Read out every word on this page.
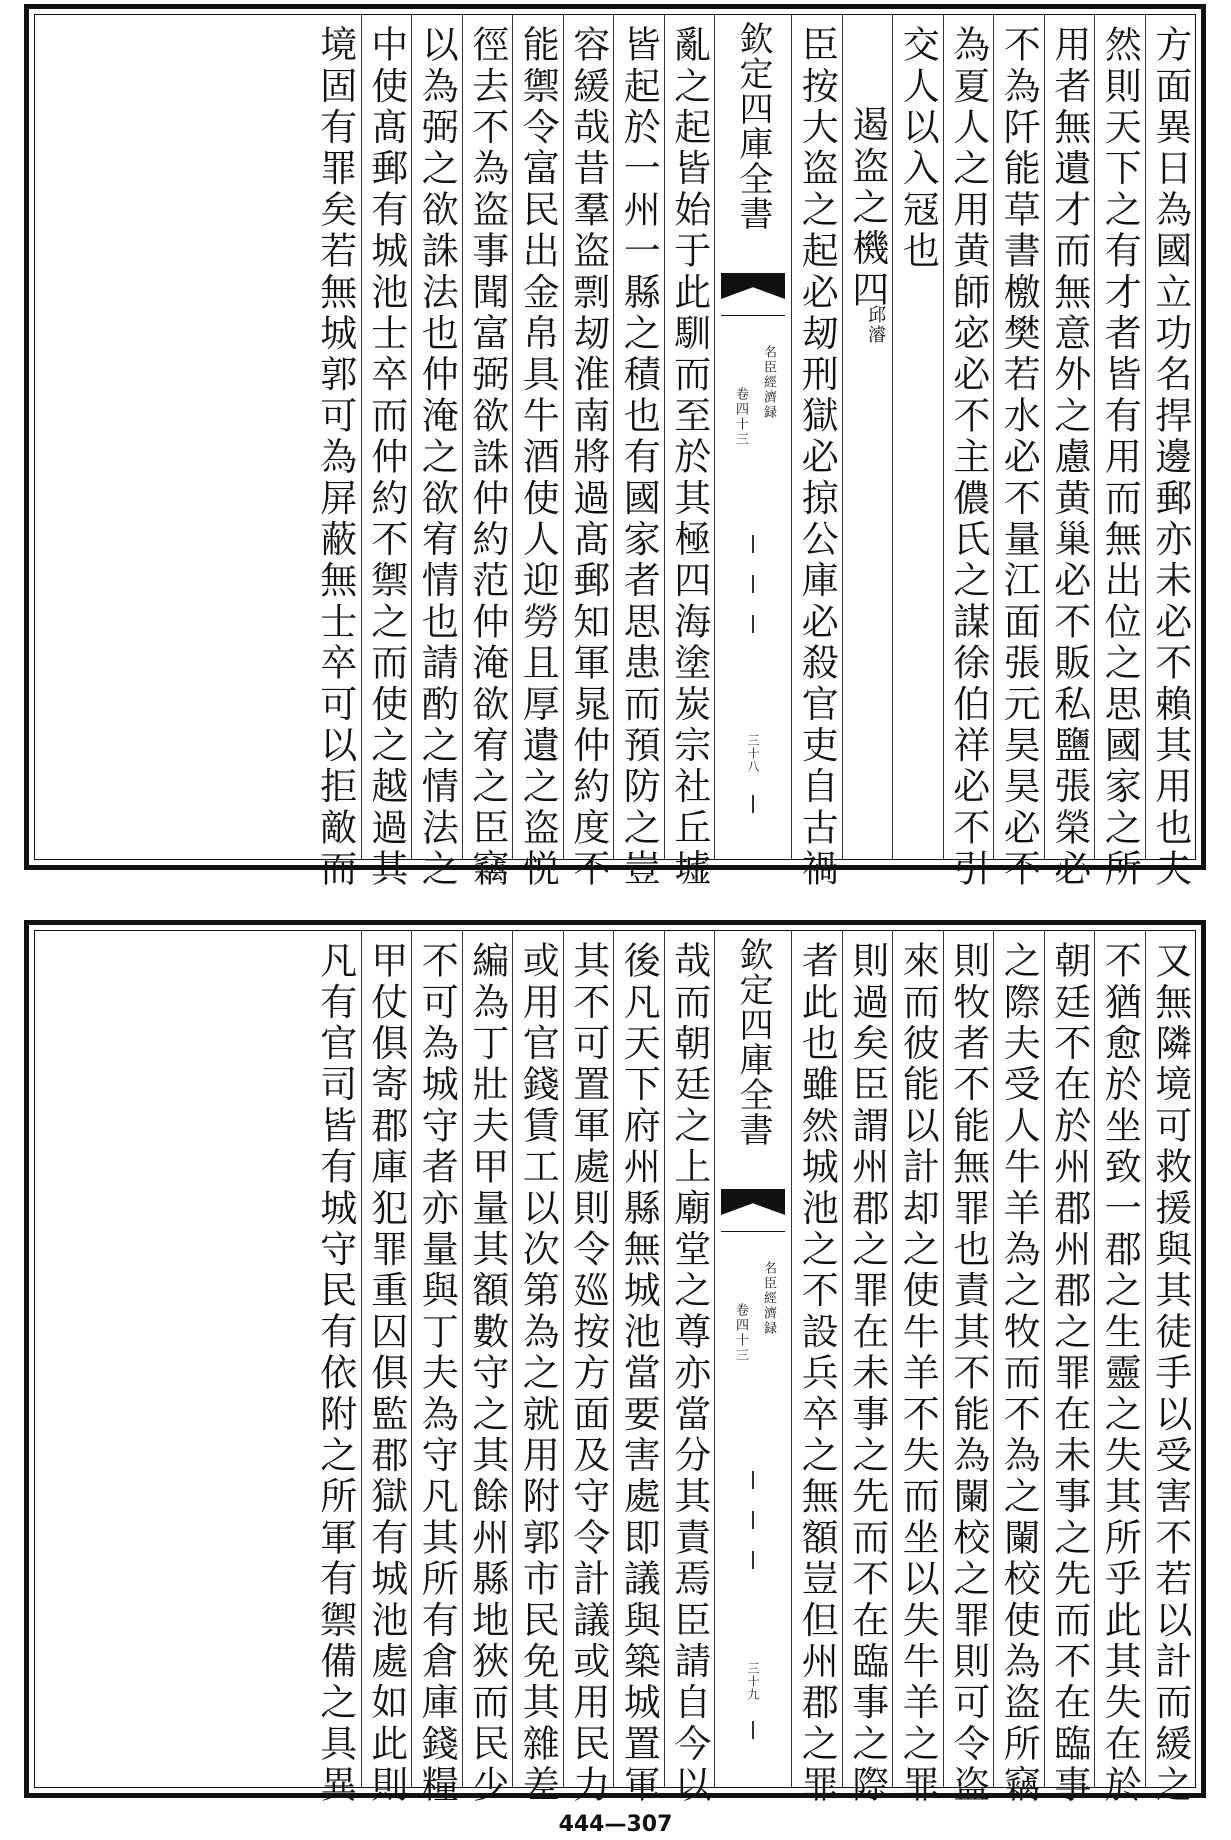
方面異日為國立功名捍邊郵亦未必不賴其用也夫
然則天下之有才者皆有用而無出位之思國家之所
用者無遺才而無意外之慮黄巢必不販私鹽張榮必
不為阡能草書檄樊若水必不量江面張元昊昊必不
為夏人之用黄師宓必不主儂氏之謀徐伯祥必不引
交人以入冦也
遏盗之機四
邱濬
臣按大盗之起必刼刑獄必掠公庫必殺官吏自古禍
欽定四庫全書
名臣經濟録
卷四十三
三十八
亂之起皆始于此馴而至於其極四海塗炭宗社丘墟
皆起於一州一縣之積也有國家者思患而預防之豈
容緩哉昔羣盗剽刼淮南將過髙郵知軍晁仲約度不
能禦令富民出金帛具牛酒使人迎勞且厚遺之盗悦
徑去不為盗事聞富弼欲誅仲約范仲淹欲宥之臣竊
以為弼之欲誅法也仲淹之欲宥情也請酌之情法之
中使髙郵有城池士卒而仲約不禦之而使之越過其
境固有罪矣若無城郭可為屏蔽無士卒可以拒敵而
又無隣境可救援與其徒手以受害不若以計而緩之
不猶愈於坐致一郡之生靈之失其所乎此其失在於
朝廷不在於州郡州郡之罪在未事之先而不在臨事
之際夫受人牛羊為之牧而不為之闌校使為盗所竊
則牧者不能無罪也責其不能為闌校之罪則可令盗
來而彼能以計却之使牛羊不失而坐以失牛羊之罪
則過矣臣謂州郡之罪在未事之先而不在臨事之際
者此也雖然城池之不設兵卒之無額豈但州郡之罪
欽定四庫全書
名臣經濟録
卷四十三
三十九
哉而朝廷之上廟堂之尊亦當分其責焉臣請自今以
後凡天下府州縣無城池當要害處即議與築城置軍
其不可置軍處則令廵按方面及守令計議或用民力
或用官錢賃工以次第為之就用附郭市民免其雜差
編為丁壯夫甲量其額數守之其餘州縣地狹而民少
不可為城守者亦量與丁夫為守凡其所有倉庫錢糧
甲仗俱寄郡庫犯罪重囚俱監郡獄有城池處如此則
凡有官司皆有城守民有依附之所軍有禦備之具異
444—307
